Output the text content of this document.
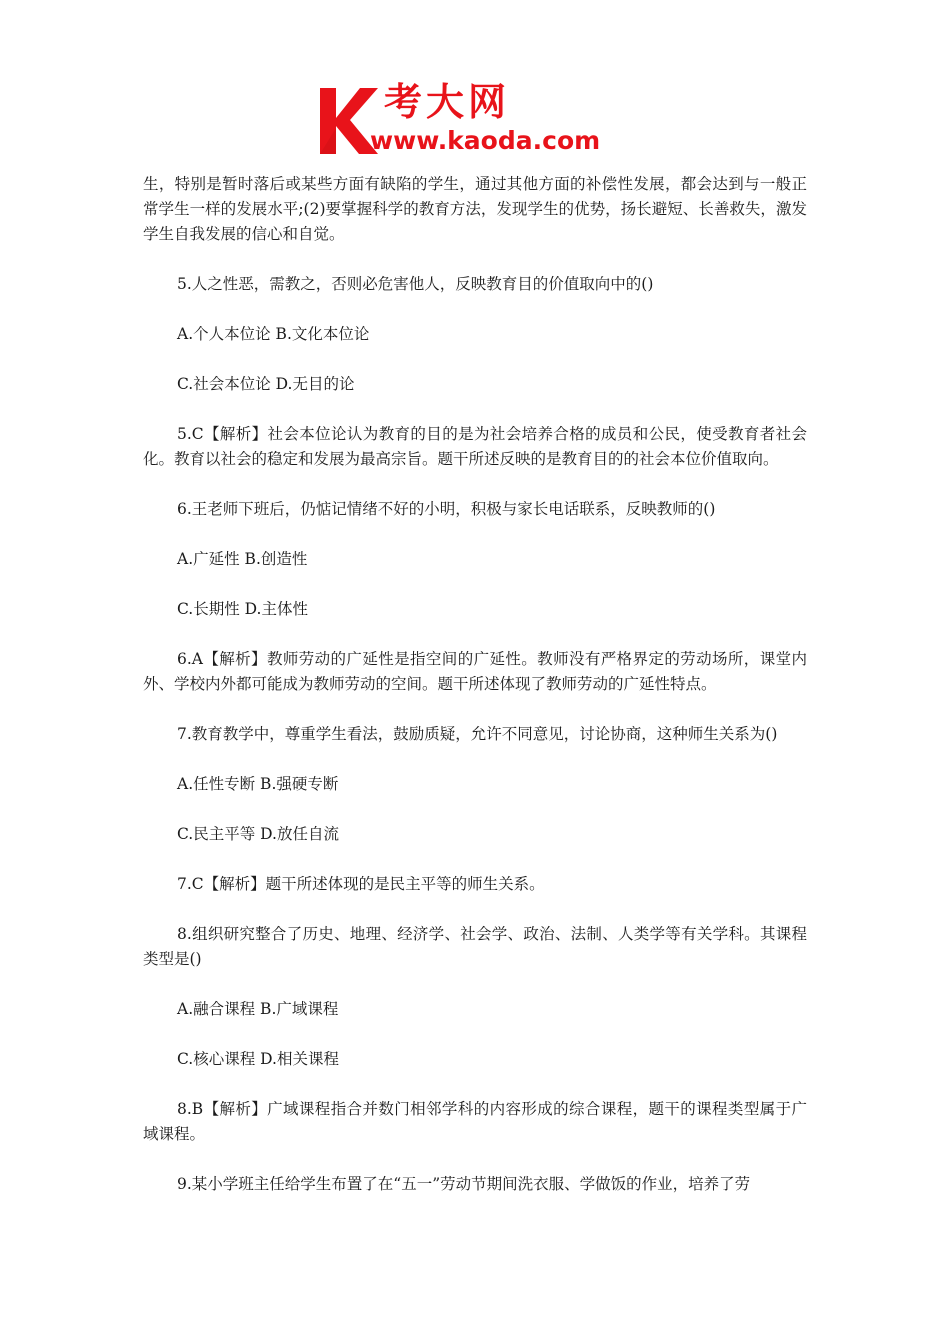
考大网
www.kaoda.com

生，特别是暂时落后或某些方面有缺陷的学生，通过其他方面的补偿性发展，都会达到与一般正常学生一样的发展水平;(2)要掌握科学的教育方法，发现学生的优势，扬长避短、长善救失，激发学生自我发展的信心和自觉。

5.人之性恶，需教之，否则必危害他人，反映教育目的价值取向中的()

A.个人本位论 B.文化本位论

C.社会本位论 D.无目的论

5.C【解析】社会本位论认为教育的目的是为社会培养合格的成员和公民，使受教育者社会化。教育以社会的稳定和发展为最高宗旨。题干所述反映的是教育目的的社会本位价值取向。

6.王老师下班后，仍惦记情绪不好的小明，积极与家长电话联系，反映教师的()

A.广延性 B.创造性

C.长期性 D.主体性

6.A【解析】教师劳动的广延性是指空间的广延性。教师没有严格界定的劳动场所，课堂内外、学校内外都可能成为教师劳动的空间。题干所述体现了教师劳动的广延性特点。

7.教育教学中，尊重学生看法，鼓励质疑，允许不同意见，讨论协商，这种师生关系为()

A.任性专断 B.强硬专断

C.民主平等 D.放任自流

7.C【解析】题干所述体现的是民主平等的师生关系。

8.组织研究整合了历史、地理、经济学、社会学、政治、法制、人类学等有关学科。其课程类型是()

A.融合课程 B.广域课程

C.核心课程 D.相关课程

8.B【解析】广域课程指合并数门相邻学科的内容形成的综合课程，题干的课程类型属于广域课程。

9.某小学班主任给学生布置了在“五一”劳动节期间洗衣服、学做饭的作业，培养了劳
